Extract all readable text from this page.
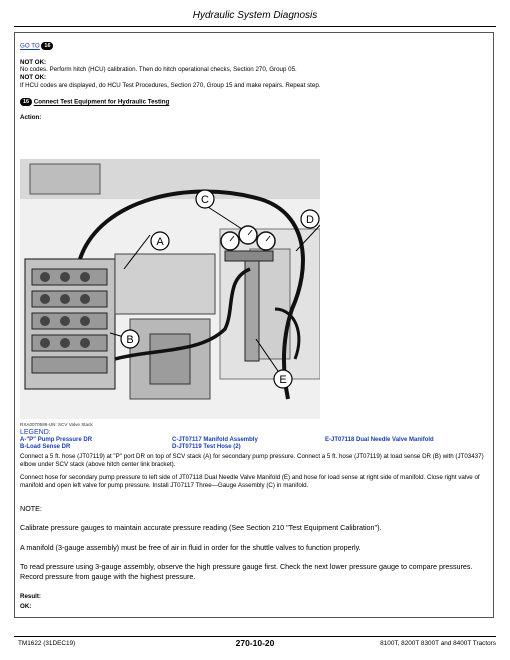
Hydraulic System Diagnosis
GO TO 16
NOT OK:
No codes. Perform hitch (HCU) calibration. Then do hitch operational checks, Section 270, Group 05.
NOT OK:
If HCU codes are displayed, do HCU Test Procedures, Section 270, Group 15 and make repairs. Repeat step.
16 Connect Test Equipment for Hydraulic Testing
Action:
A
B
C
D
E
RXA0070586-UN: SCV Valve Stack
LEGEND:
A-"P" Pump Pressure DR
B-Load Sense DR
C-JT07117 Manifold Assembly
D-JT07119 Test Hose (2)
E-JT07118 Dual Needle Valve Manifold
Connect a 5 ft. hose (JT07119) at "P" port DR on top of SCV stack (A) for secondary pump pressure. Connect a 5 ft. hose (JT07119) at load sense DR (B) with (JT03437) elbow under SCV stack (above hitch center link bracket).
Connect hose for secondary pump pressure to left side of JT07118 Dual Needle Valve Manifold (E) and hose for load sense at right side of manifold. Close right valve of manifold and open left valve for pump pressure. Install JT07117 Three—Gauge Assembly (C) in manifold.
NOTE:
Calibrate pressure gauges to maintain accurate pressure reading (See Section 210 "Test Equipment Calibration").
A manifold (3-gauge assembly) must be free of air in fluid in order for the shuttle valves to function properly.
To read pressure using 3-gauge assembly, observe the high pressure gauge first. Check the next lower pressure gauge to compare pressures. Record pressure from gauge with the highest pressure.
Result:
OK:
TM1622 (31DEC19)	270-10-20	8100T, 8200T 8300T and 8400T Tractors
